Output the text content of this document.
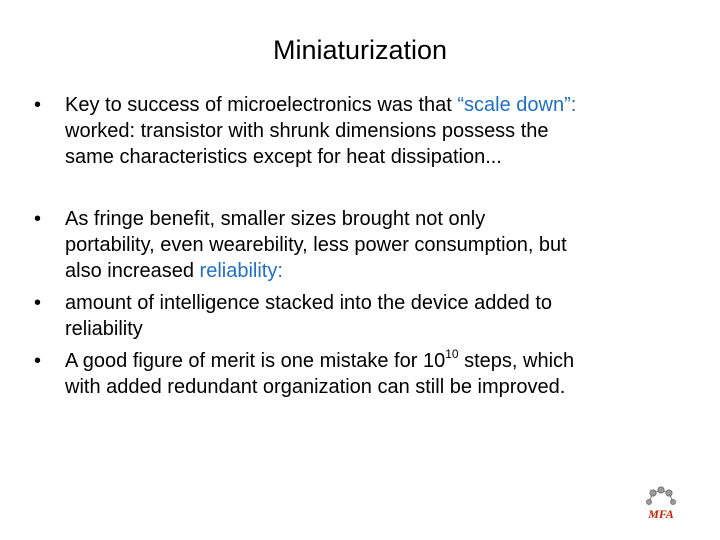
Miniaturization
•	Key to success of microelectronics was that “scale down”:
worked: transistor with shrunk dimensions possess the
same characteristics except for heat dissipation...
•	As fringe benefit, smaller sizes brought not only
portability, even wearebility, less power consumption, but
also increased reliability:
•	amount of intelligence stacked into the device added to
reliability
•	A good figure of merit is one mistake for $10^{10}$ steps, which
with added redundant organization can still be improved.
MFA
